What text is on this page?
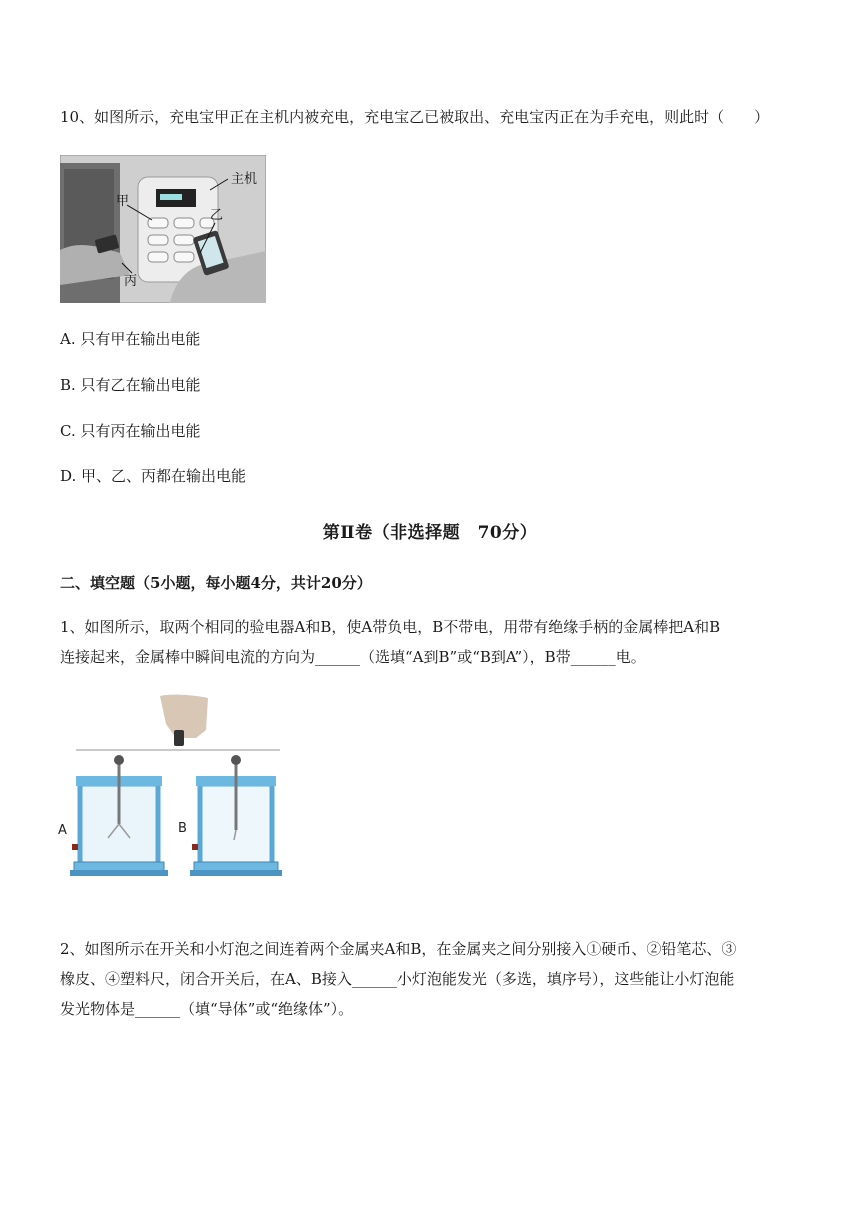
10、如图所示，充电宝甲正在主机内被充电，充电宝乙已被取出、充电宝丙正在为手充电，则此时（　　）
主机
甲
乙
丙
A. 只有甲在输出电能
B. 只有乙在输出电能
C. 只有丙在输出电能
D. 甲、乙、丙都在输出电能
第Ⅱ卷（非选择题　70分）
二、填空题（5小题，每小题4分，共计20分）
1、如图所示，取两个相同的验电器A和B，使A带负电，B不带电，用带有绝缘手柄的金属棒把A和B
连接起来，金属棒中瞬间电流的方向为______（选填“A到B”或“B到A”），B带______电。
A	B
2、如图所示在开关和小灯泡之间连着两个金属夹A和B，在金属夹之间分别接入①硬币、②铅笔芯、③
橡皮、④塑料尺，闭合开关后，在A、B接入______小灯泡能发光（多选，填序号），这些能让小灯泡能
发光物体是______（填“导体”或“绝缘体”）。
